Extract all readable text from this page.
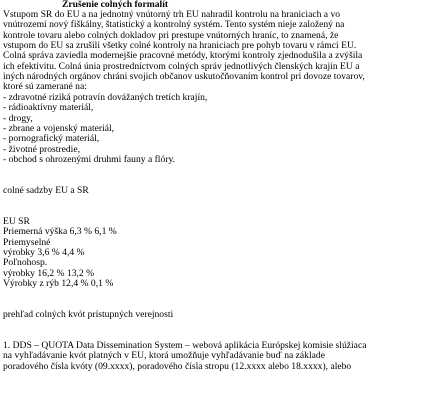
Zrušenie colných formalít
Vstupom SR do EU a na jednotný vnútorný trh EU nahradil kontrolu na hraniciach a vo
vnútrozemí nový fiškálny, štatistický a kontrolný systém. Tento systém nieje založený na
kontrole tovaru alebo colných dokladov pri prestupe vnútorných hraníc, to znamená, že
vstupom do EU sa zrušili všetky colné kontroly na hraniciach pre pohyb tovaru v rámci EU.
Colná správa zaviedla modernejšie pracovné metódy, ktorými kontroly zjednodušila a zvýšila
ich efektivitu. Colná únia prostredníctvom colných správ jednotlivých členských krajín EU a
iných národných orgánov chráni svojich občanov uskutočňovaním kontrol pri dovoze tovarov,
ktoré sú zamerané na:
- zdravotné riziká potravín dovážaných tretích krajín,
- rádioaktívny materiál,
- drogy,
- zbrane a vojenský materiál,
- pornografický materiál,
- životné prostredie,
- obchod s ohrozenými druhmi fauny a flóry.
colné sadzby EU a SR
EU SR
Priemerná výška 6,3 % 6,1 %
Priemyselné
výrobky 3,6 % 4,4 %
Poľnohosp.
výrobky 16,2 % 13,2 %
Výrobky z rýb 12,4 % 0,1 %
prehľad colných kvót prístupných verejnosti
1. DDS – QUOTA Data Dissemination System – webová aplikácia Európskej komisie slúžiaca
na vyhľadávanie kvót platných v EU, ktorá umožňuje vyhľadávanie buď na základe
poradového čísla kvóty (09.xxxx), poradového čísla stropu (12.xxxx alebo 18.xxxx), alebo
